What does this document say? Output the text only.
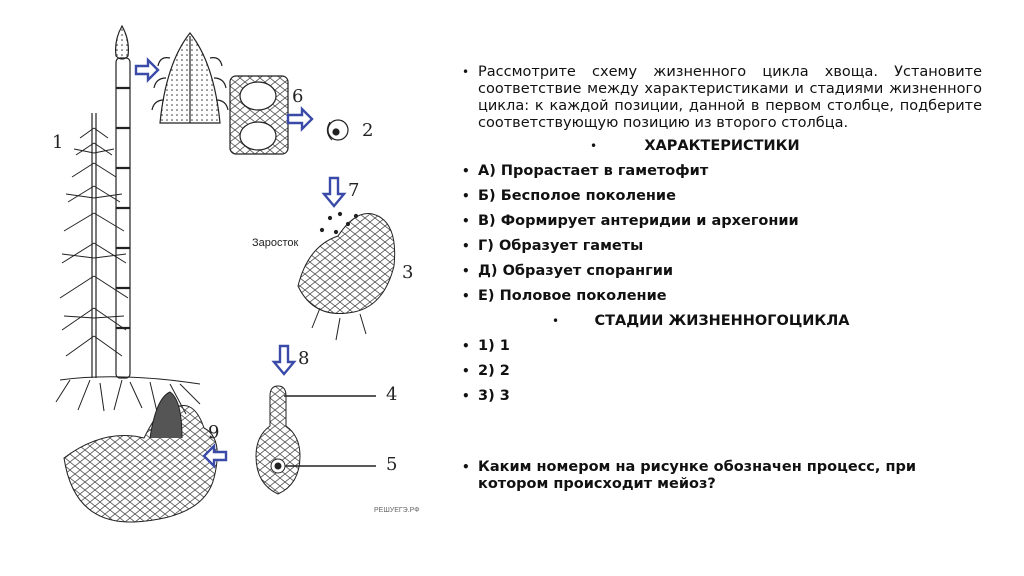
1
2
3
4
5
6
7
8
9
Заросток
РЕШУЕГЭ.РФ
• Рассмотрите схему жизненного цикла хвоща. Установите соответствие между характеристиками и стадиями жизненного цикла: к каждой позиции, данной в первом столбце, подберите соответствующую позицию из второго столбца.
•	ХАРАКТЕРИСТИКИ
• А)
Прорастает в гаметофит
• Б)
Бесполое поколение
• В)
Формирует антеридии и архегонии
• Г)
Образует гаметы
• Д)
Образует спорангии
• Е)
Половое поколение
• СТАДИИ ЖИЗНЕННОГОЦИКЛА
• 1)
1
• 2)
2
• 3)
3
• Каким номером на рисунке обозначен процесс, при котором происходит мейоз?
